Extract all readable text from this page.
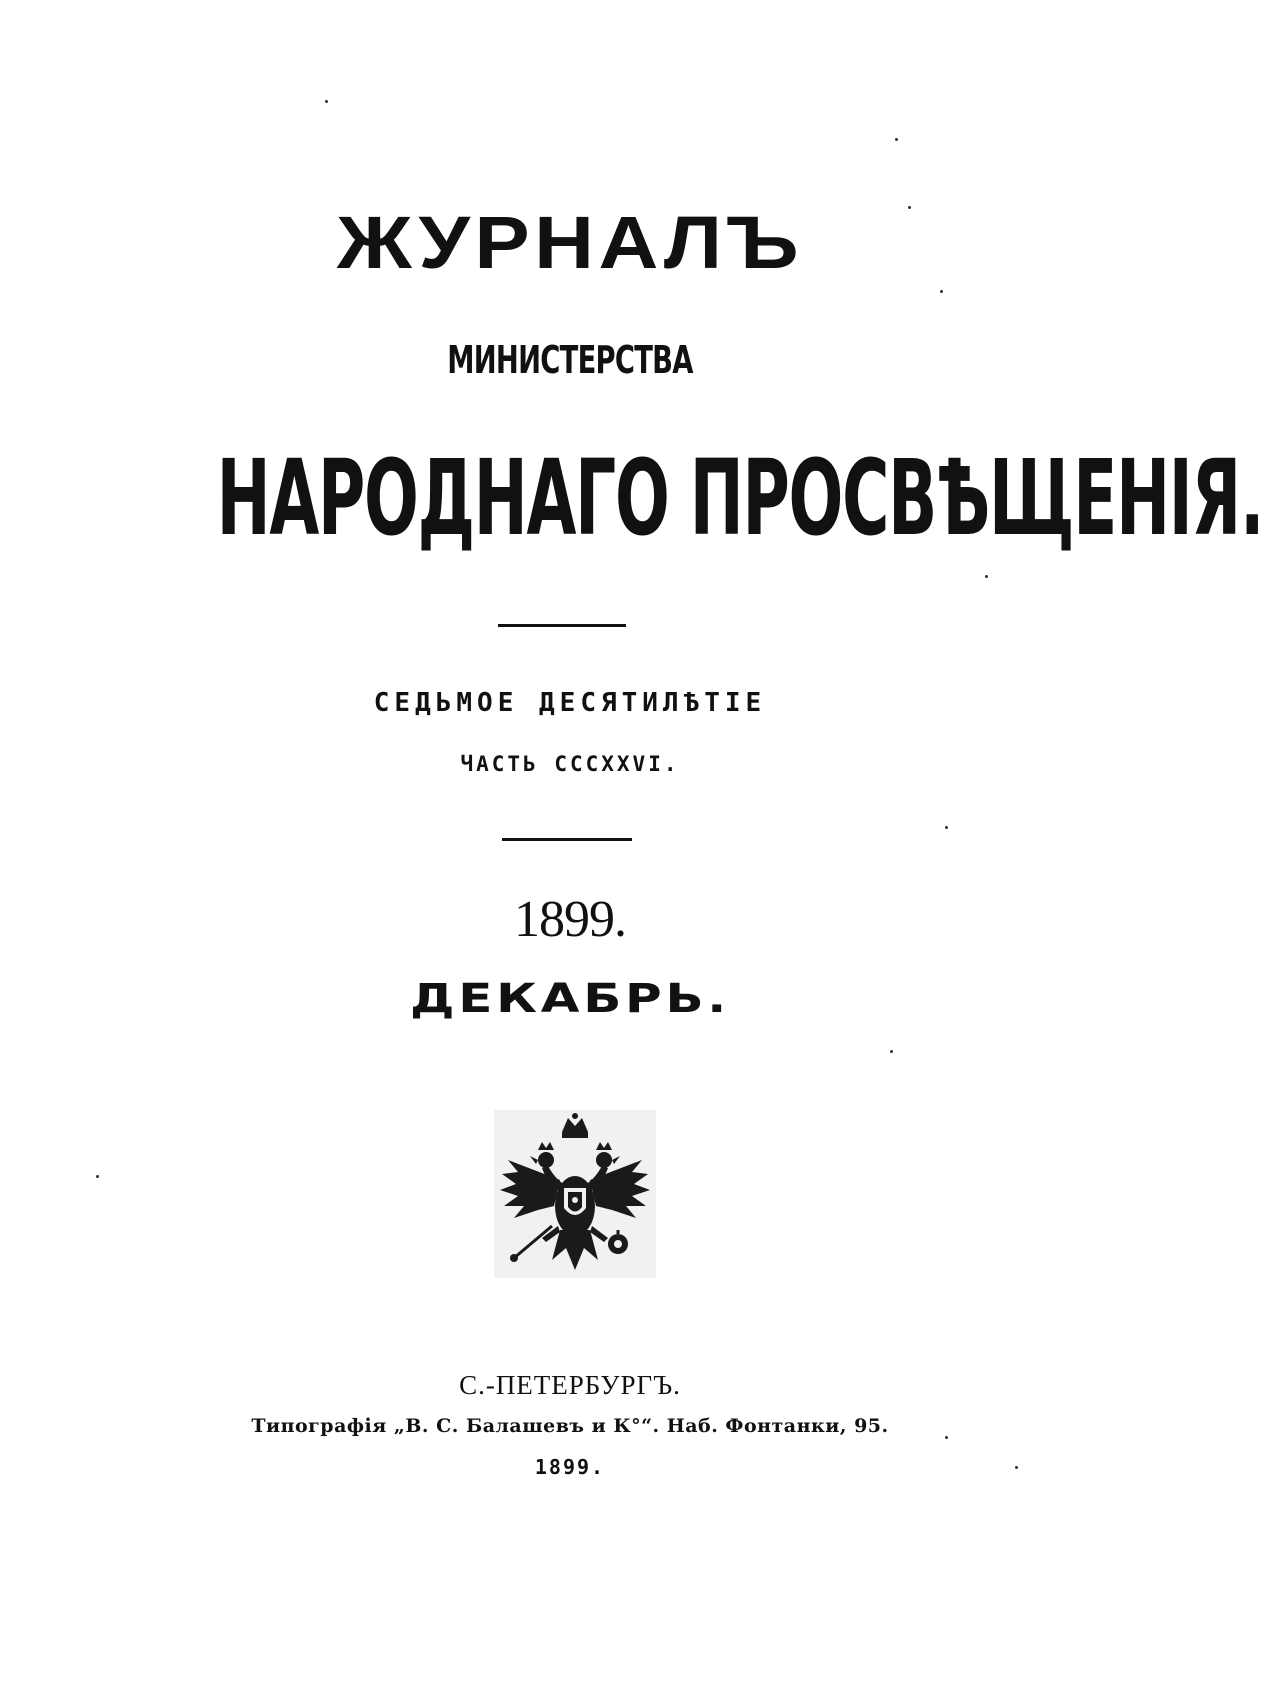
ЖУРНАЛЪ
МИНИСТЕРСТВА
НАРОДНАГО ПРОСВѢЩЕНІЯ.
СЕДЬМОЕ ДЕСЯТИЛѢТІЕ
ЧАСТЬ СССXXVI.
1899.
ДЕКАБРЬ.
С.-ПЕТЕРБУРГЪ.
Типографія „В. С. Балашевъ и К°“. Наб. Фонтанки, 95.
1899.
